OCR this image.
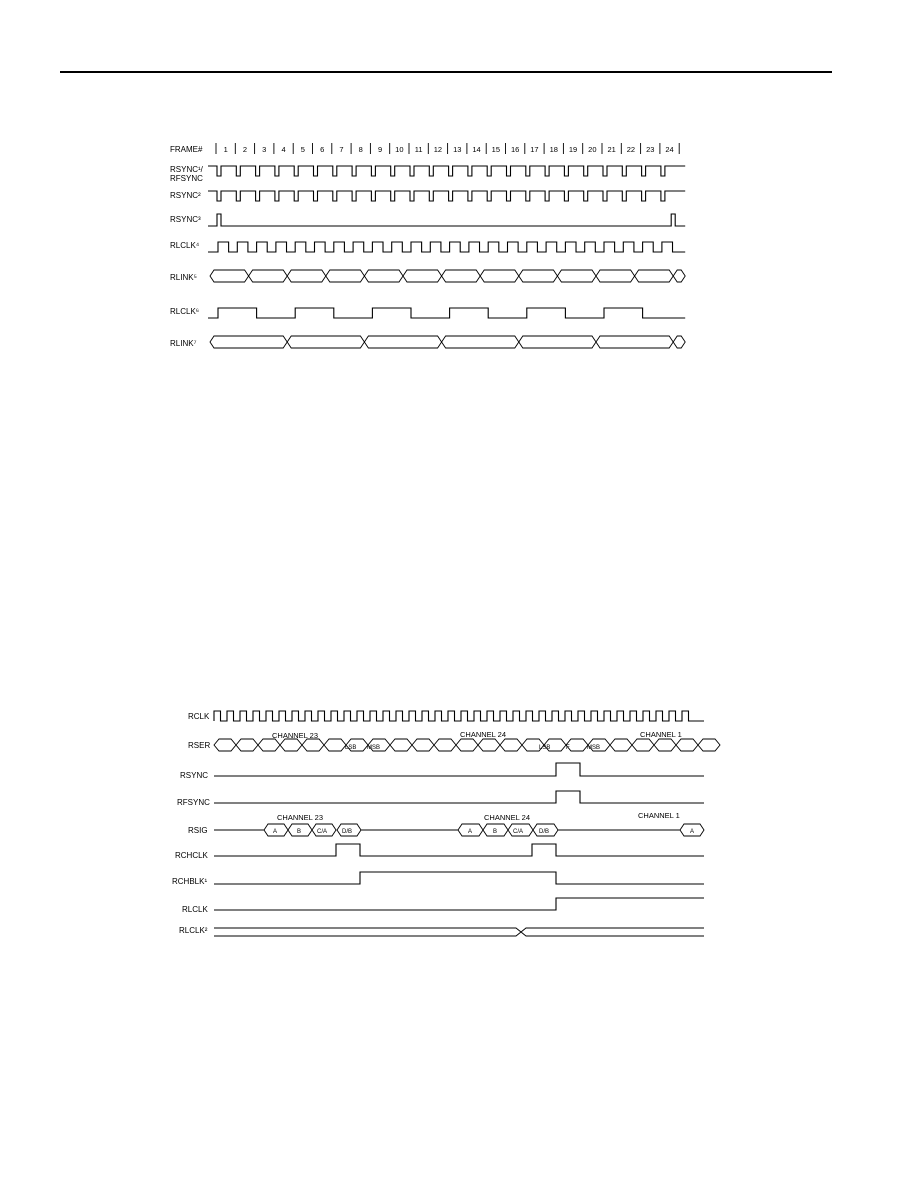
FRAME#	1 2 3 4 5 6 7 8 9 10 11 12 13 14 15 16 17 18 19 20 21 22 23 24
RSYNC¹/
RFSYNC
RSYNC²
RSYNC³
RLCLK⁴
RLINK⁵
RLCLK⁶
RLINK⁷
RCLK
RSER
RSYNC
RFSYNC
RSIG
RCHCLK
RCHBLK¹
RLCLK
RLCLK²
CHANNEL 23	CHANNEL 24	CHANNEL 1
CHANNEL 23	CHANNEL 24	CHANNEL 1
LSB MSB	LSB	F	MSB
A	B	C/A D/B	A	B	C/A	D/B	A
